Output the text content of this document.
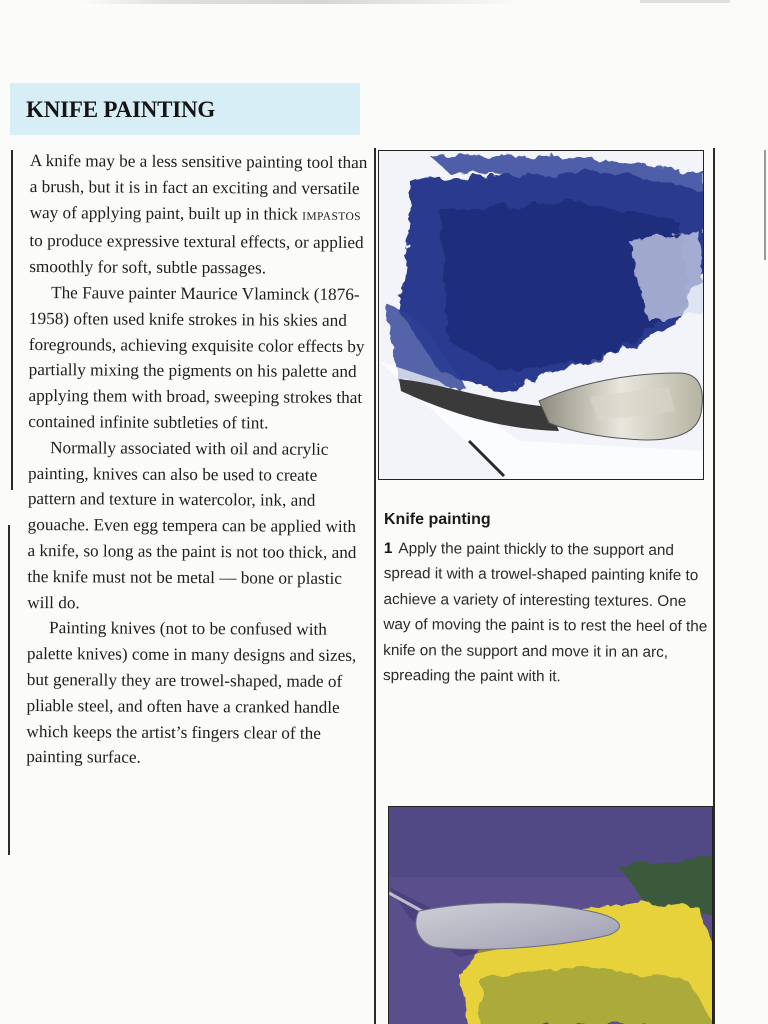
KNIFE PAINTING

A knife may be a less sensitive painting tool than a brush, but it is in fact an exciting and versatile way of applying paint, built up in thick IMPASTOS to produce expressive textural effects, or applied smoothly for soft, subtle passages.

The Fauve painter Maurice Vlaminck (1876-1958) often used knife strokes in his skies and foregrounds, achieving exquisite color effects by partially mixing the pigments on his palette and applying them with broad, sweeping strokes that contained infinite subtleties of tint.

Normally associated with oil and acrylic painting, knives can also be used to create pattern and texture in watercolor, ink, and gouache. Even egg tempera can be applied with a knife, so long as the paint is not too thick, and the knife must not be metal — bone or plastic will do.

Painting knives (not to be confused with palette knives) come in many designs and sizes, but generally they are trowel-shaped, made of pliable steel, and often have a cranked handle which keeps the artist’s fingers clear of the painting surface.

Knife painting

1 Apply the paint thickly to the support and spread it with a trowel-shaped painting knife to achieve a variety of interesting textures. One way of moving the paint is to rest the heel of the knife on the support and move it in an arc, spreading the paint with it.
